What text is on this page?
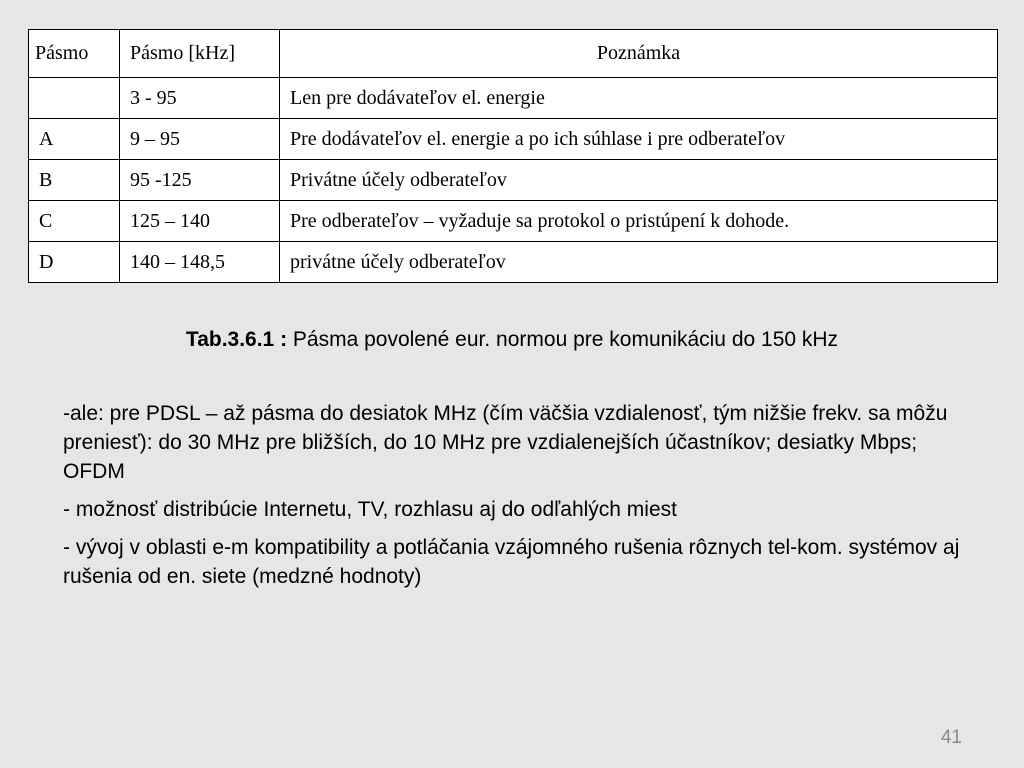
Pásmo	Pásmo [kHz]	Poznámka
	3 - 95	Len pre dodávateľov el. energie
A	9 – 95	Pre dodávateľov el. energie a po ich súhlase i pre odberateľov
B	95 -125	Privátne účely odberateľov
C	125 – 140	Pre odberateľov – vyžaduje sa protokol o pristúpení k dohode.
D	140 – 148,5	privátne účely odberateľov
Tab.3.6.1 : Pásma povolené eur. normou pre komunikáciu do 150 kHz

-ale: pre PDSL – až pásma do desiatok MHz (čím väčšia vzdialenosť, tým nižšie frekv. sa môžu preniesť): do 30 MHz pre bližších, do 10 MHz pre vzdialenejších účastníkov; desiatky Mbps; OFDM

- možnosť distribúcie Internetu, TV, rozhlasu aj do odľahlých miest

- vývoj v oblasti e-m kompatibility a potláčania vzájomného rušenia rôznych tel-kom. systémov aj rušenia od en. siete (medzné hodnoty)

41
